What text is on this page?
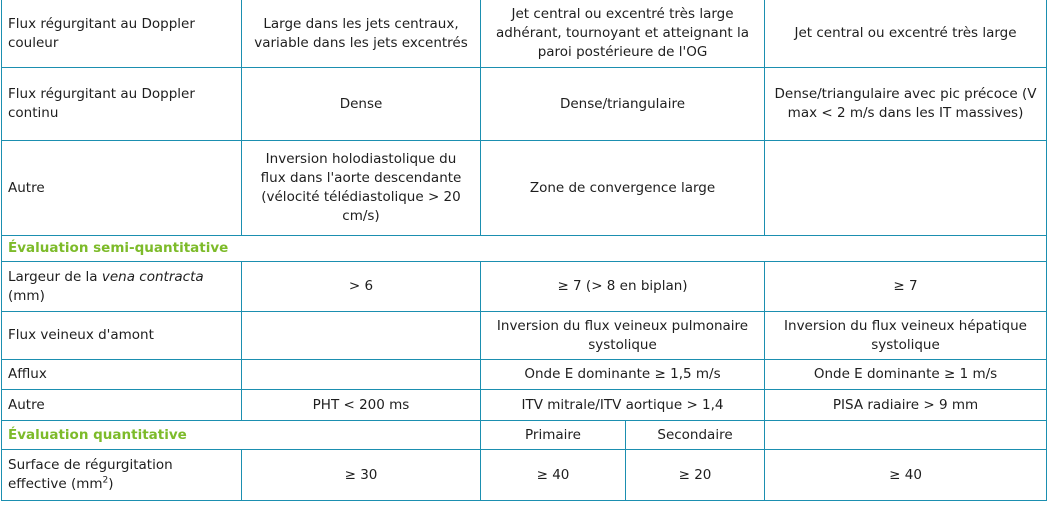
Flux régurgitant au Doppler couleur	Large dans les jets centraux, variable dans les jets excentrés	Jet central ou excentré très large adhérant, tournoyant et atteignant la paroi postérieure de l'OG		Jet central ou excentré très large
Flux régurgitant au Doppler continu	Dense	Dense/triangulaire		Dense/triangulaire avec pic précoce (V max < 2 m/s dans les IT massives)
Autre	Inversion holodiastolique du flux dans l'aorte descendante (vélocité télédiastolique > 20 cm/s)	Zone de convergence large		
Évaluation semi-quantitative				
Largeur de la vena contracta (mm)	> 6	≥ 7 (> 8 en biplan)		≥ 7
Flux veineux d'amont		Inversion du flux veineux pulmonaire systolique		Inversion du flux veineux hépatique systolique
Afflux		Onde E dominante ≥ 1,5 m/s		Onde E dominante ≥ 1 m/s
Autre	PHT < 200 ms	ITV mitrale/ITV aortique > 1,4		PISA radiaire > 9 mm
Évaluation quantitative		Primaire	Secondaire	
Surface de régurgitation effective $(mm^2)$	≥ 30	≥ 40	≥ 20	≥ 40
